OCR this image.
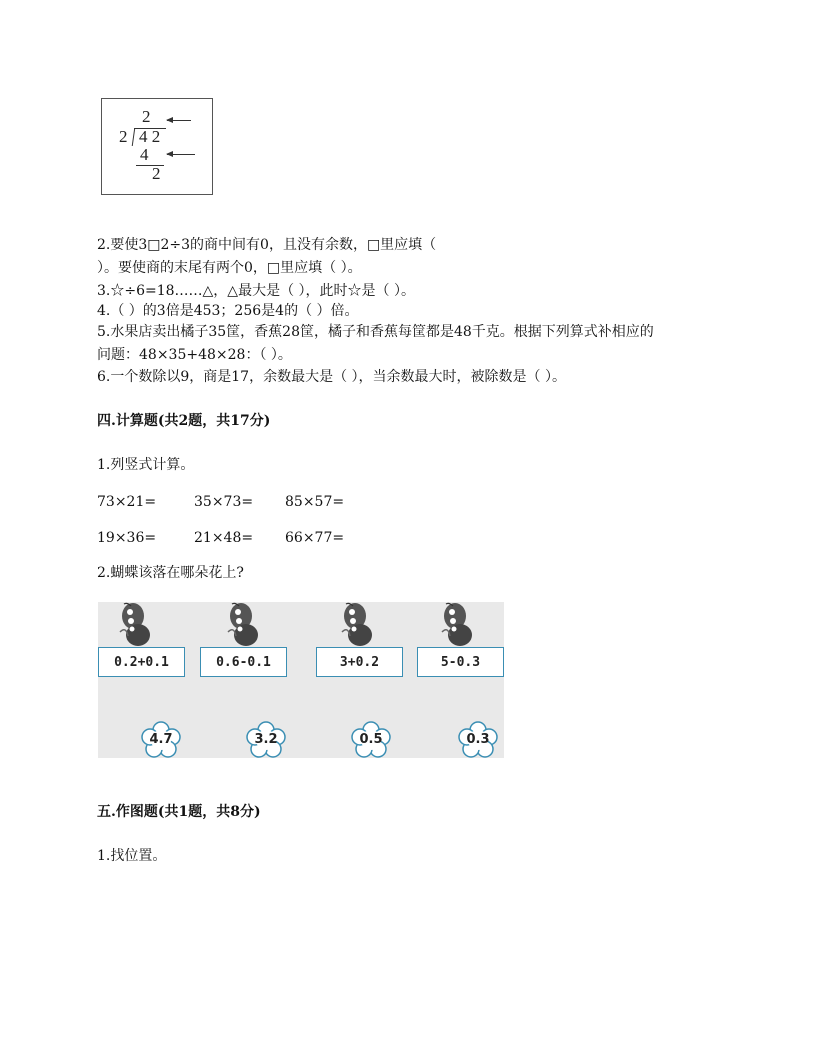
2
2 4 2
4
2
2.要使3□2÷3的商中间有0，且没有余数，□里应填（
）。要使商的末尾有两个0，□里应填（ ）。
3.☆÷6=18……△，△最大是（ ），此时☆是（ ）。
4.（ ）的3倍是453；256是4的（ ）倍。
5.水果店卖出橘子35筐，香蕉28筐，橘子和香蕉每筐都是48千克。根据下列算式补相应的
问题：48×35+48×28：（ ）。
6.一个数除以9，商是17，余数最大是（ ），当余数最大时，被除数是（ ）。
四.计算题(共2题，共17分)
1.列竖式计算。
73×21=	35×73= 85×57=
19×36=	21×48= 66×77=
2.蝴蝶该落在哪朵花上?
0.2+0.1	0.6-0.1	3+0.2	5-0.3
4.7	3.2	0.5	0.3
五.作图题(共1题，共8分)
1.找位置。
